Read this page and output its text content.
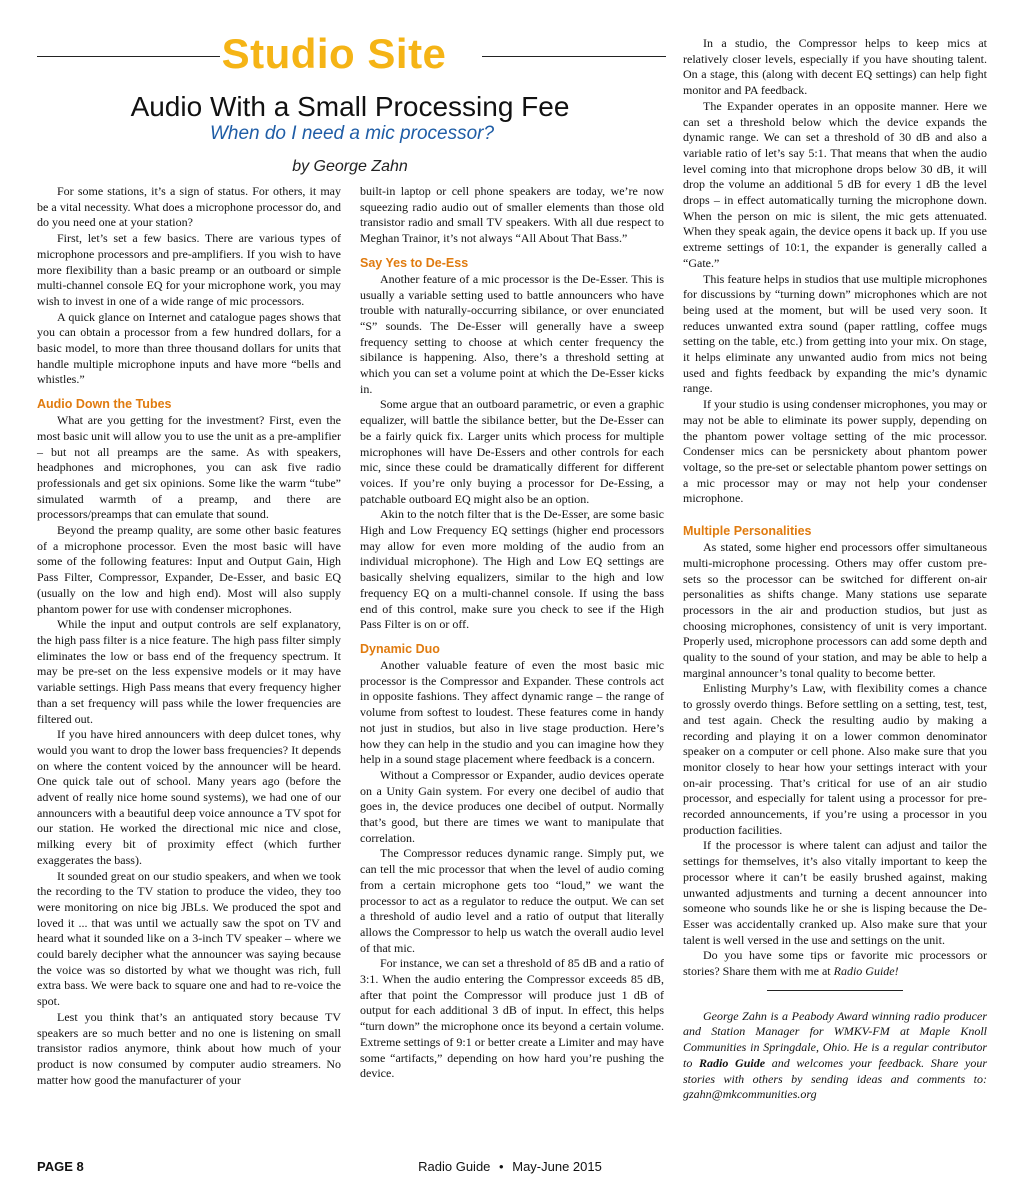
Studio Site
Audio With a Small Processing Fee
When do I need a mic processor?
by George Zahn

For some stations, it’s a sign of status. For others, it may be a vital necessity. What does a microphone processor do, and do you need one at your station?

First, let’s set a few basics. There are various types of microphone processors and pre-amplifiers. If you wish to have more flexibility than a basic preamp or an outboard or simple multi-channel console EQ for your microphone work, you may wish to invest in one of a wide range of mic processors.

A quick glance on Internet and catalogue pages shows that you can obtain a processor from a few hundred dollars, for a basic model, to more than three thousand dollars for units that handle multiple microphone inputs and have more “bells and whistles.”

Audio Down the Tubes

What are you getting for the investment? First, even the most basic unit will allow you to use the unit as a pre-amplifier – but not all preamps are the same. As with speakers, headphones and microphones, you can ask five radio professionals and get six opinions. Some like the warm “tube” simulated warmth of a preamp, and there are processors/preamps that can emulate that sound.

Beyond the preamp quality, are some other basic features of a microphone processor. Even the most basic will have some of the following features: Input and Output Gain, High Pass Filter, Compressor, Expander, De-Esser, and basic EQ (usually on the low and high end). Most will also supply phantom power for use with condenser microphones.

While the input and output controls are self explanatory, the high pass filter is a nice feature. The high pass filter simply eliminates the low or bass end of the frequency spectrum. It may be pre-set on the less expensive models or it may have variable settings. High Pass means that every frequency higher than a set frequency will pass while the lower frequencies are filtered out.

If you have hired announcers with deep dulcet tones, why would you want to drop the lower bass frequencies? It depends on where the content voiced by the announcer will be heard. One quick tale out of school. Many years ago (before the advent of really nice home sound systems), we had one of our announcers with a beautiful deep voice announce a TV spot for our station. He worked the directional mic nice and close, milking every bit of proximity effect (which further exaggerates the bass).

It sounded great on our studio speakers, and when we took the recording to the TV station to produce the video, they too were monitoring on nice big JBLs. We produced the spot and loved it ... that was until we actually saw the spot on TV and heard what it sounded like on a 3-inch TV speaker – where we could barely decipher what the announcer was saying because the voice was so distorted by what we thought was rich, full extra bass. We were back to square one and had to re-voice the spot.

Lest you think that’s an antiquated story because TV speakers are so much better and no one is listening on small transistor radios anymore, think about how much of your product is now consumed by computer audio streamers. No matter how good the manufacturer of your

built-in laptop or cell phone speakers are today, we’re now squeezing radio audio out of smaller elements than those old transistor radio and small TV speakers. With all due respect to Meghan Trainor, it’s not always “All About That Bass.”

Say Yes to De-Ess

Another feature of a mic processor is the De-Esser. This is usually a variable setting used to battle announcers who have trouble with naturally-occurring sibilance, or over enunciated “S” sounds. The De-Esser will generally have a sweep frequency setting to choose at which center frequency the sibilance is happening. Also, there’s a threshold setting at which you can set a volume point at which the De-Esser kicks in.

Some argue that an outboard parametric, or even a graphic equalizer, will battle the sibilance better, but the De-Esser can be a fairly quick fix. Larger units which process for multiple microphones will have De-Essers and other controls for each mic, since these could be dramatically different for different voices. If you’re only buying a processor for De-Essing, a patchable outboard EQ might also be an option.

Akin to the notch filter that is the De-Esser, are some basic High and Low Frequency EQ settings (higher end processors may allow for even more molding of the audio from an individual microphone). The High and Low EQ settings are basically shelving equalizers, similar to the high and low frequency EQ on a multi-channel console. If using the bass end of this control, make sure you check to see if the High Pass Filter is on or off.

Dynamic Duo

Another valuable feature of even the most basic mic processor is the Compressor and Expander. These controls act in opposite fashions. They affect dynamic range – the range of volume from softest to loudest. These features come in handy not just in studios, but also in live stage production. Here’s how they can help in the studio and you can imagine how they help in a sound stage placement where feedback is a concern.

Without a Compressor or Expander, audio devices operate on a Unity Gain system. For every one decibel of audio that goes in, the device produces one decibel of output. Normally that’s good, but there are times we want to manipulate that correlation.

The Compressor reduces dynamic range. Simply put, we can tell the mic processor that when the level of audio coming from a certain microphone gets too “loud,” we want the processor to act as a regulator to reduce the output. We can set a threshold of audio level and a ratio of output that literally allows the Compressor to help us watch the overall audio level of that mic.

For instance, we can set a threshold of 85 dB and a ratio of 3:1. When the audio entering the Compressor exceeds 85 dB, after that point the Compressor will produce just 1 dB of output for each additional 3 dB of input. In effect, this helps “turn down” the microphone once its beyond a certain volume. Extreme settings of 9:1 or better create a Limiter and may have some “artifacts,” depending on how hard you’re pushing the device.

In a studio, the Compressor helps to keep mics at relatively closer levels, especially if you have shouting talent. On a stage, this (along with decent EQ settings) can help fight monitor and PA feedback.

The Expander operates in an opposite manner. Here we can set a threshold below which the device expands the dynamic range. We can set a threshold of 30 dB and also a variable ratio of let’s say 5:1. That means that when the audio level coming into that microphone drops below 30 dB, it will drop the volume an additional 5 dB for every 1 dB the level drops – in effect automatically turning the microphone down. When the person on mic is silent, the mic gets attenuated. When they speak again, the device opens it back up. If you use extreme settings of 10:1, the expander is generally called a “Gate.”

This feature helps in studios that use multiple microphones for discussions by “turning down” microphones which are not being used at the moment, but will be used very soon. It reduces unwanted extra sound (paper rattling, coffee mugs setting on the table, etc.) from getting into your mix. On stage, it helps eliminate any unwanted audio from mics not being used and fights feedback by expanding the mic’s dynamic range.

If your studio is using condenser microphones, you may or may not be able to eliminate its power supply, depending on the phantom power voltage setting of the mic processor. Condenser mics can be persnickety about phantom power voltage, so the pre-set or selectable phantom power settings on a mic processor may or may not help your condenser microphone.

Multiple Personalities

As stated, some higher end processors offer simultaneous multi-microphone processing. Others may offer custom pre-sets so the processor can be switched for different on-air personalities as shifts change. Many stations use separate processors in the air and production studios, but just as choosing microphones, consistency of unit is very important. Properly used, microphone processors can add some depth and quality to the sound of your station, and may be able to help a marginal announcer’s tonal quality to become better.

Enlisting Murphy’s Law, with flexibility comes a chance to grossly overdo things. Before settling on a setting, test, test, and test again. Check the resulting audio by making a recording and playing it on a lower common denominator speaker on a computer or cell phone. Also make sure that you monitor closely to hear how your settings interact with your on-air processing. That’s critical for use of an air studio processor, and especially for talent using a processor for pre-recorded announcements, if you’re using a processor in you production facilities.

If the processor is where talent can adjust and tailor the settings for themselves, it’s also vitally important to keep the processor where it can’t be easily brushed against, making unwanted adjustments and turning a decent announcer into someone who sounds like he or she is lisping because the De-Esser was accidentally cranked up. Also make sure that your talent is well versed in the use and settings on the unit.

Do you have some tips or favorite mic processors or stories? Share them with me at Radio Guide!

George Zahn is a Peabody Award winning radio producer and Station Manager for WMKV-FM at Maple Knoll Communities in Springdale, Ohio. He is a regular contributor to Radio Guide and welcomes your feedback. Share your stories with others by sending ideas and comments to: gzahn@mkcommunities.org

PAGE 8	Radio Guide • May-June 2015
